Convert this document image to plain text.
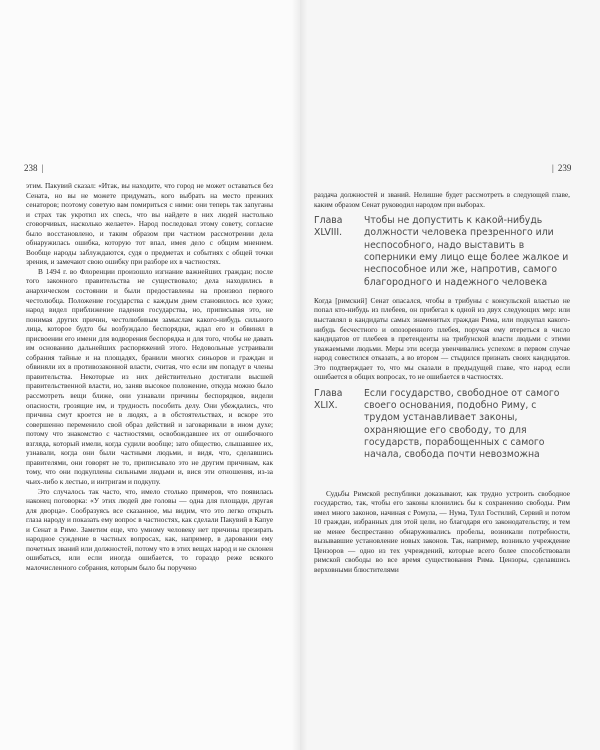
238 |	| 239

этим. Пакувий сказал: «Итак, вы находите, что город не может оставаться без Сената, но вы не можете придумать, кого выбрать на место прежних сенаторов; поэтому советую вам помириться с ними: они теперь так запуганы и страх так укротил их спесь, что вы найдете в них людей настолько сговорчивых, насколько желаете». Народ последовал этому совету, согласие было восстановлено, и таким образом при частном рассмотрении дела обнаружилась ошибка, которую тот впал, имея дело с общим мнением. Вообще народы заблуждаются, судя о предметах и событиях с общей точки зрения, и замечают свою ошибку при разборе их в частностях.

В 1494 г. во Флоренции произошло изгнание важнейших граждан; после того законного правительства не существовало; дела находились в анархическом состоянии и были предоставлены на произвол первого честолюбца. Положение государства с каждым днем становилось все хуже; народ видел приближение падения государства, но, приписывая это, не понимая других причин, честолюбивым замыслам какого-нибудь сильного лица, которое будто бы возбуждало беспорядки, ждал его и обвинял в присвоении его имени для водворения беспорядка и для того, чтобы не давать им основанию дальнейших распоряжений этого. Недовольные устраивали собрания тайные и на площадях, бранили многих синьоров и граждан и обвиняли их в противозаконной власти, считая, что если им попадут в члены правительства. Некоторые из них действительно достигали высшей правительственной власти, но, заняв высокое положение, откуда можно было рассмотреть вещи ближе, они узнавали причины беспорядков, видели опасности, грозящие им, и трудность пособить делу. Они убеждались, что причина смут кроется не в людях, а в обстоятельствах, и вскоре это совершенно переменило свой образ действий и заговаривали в ином духе; потому что знакомство с частностями, освобождавшее их от ошибочного взгляда, который имели, когда судили вообще; зато общество, слышавшее их, узнавали, когда они были частными людьми, и видя, что, сделавшись правителями, они говорят не то, приписывало это не другим причинам, как тому, что они подкуплены сильными людьми и, вися эти отношения, из-за чьих-либо к лестью, и интригам и подкупу.

Это случалось так часто, что, имело столько примеров, что появилась наконец поговорка: «У этих людей две головы — одна для площади, другая для дворца». Сообразуясь все сказанное, мы видим, что это легко открыть глаза народу и показать ему вопрос в частностях, как сделали Пакувий в Капуе и Сенат в Риме. Заметим еще, что умному человеку нет причины презирать народное суждение в частных вопросах, как, например, в даровании ему почетных званий или должностей, потому что в этих вещах народ и не склонен ошибаться, или если иногда ошибается, то гораздо реже всякого малочисленного собрания, которым было бы поручено

раздача должностей и званий. Нелишне будет рассмотреть в следующей главе, каким образом Сенат руководил народом при выборах.

Глава XLVIII.
Чтобы не допустить к какой-нибудь должности человека презренного или неспособного, надо выставить в соперники ему лицо еще более жалкое и неспособное или же, напротив, самого благородного и надежного человека

Когда [римский] Сенат опасался, чтобы в трибуны с консульской властью не попал кто-нибудь из плебеев, он прибегал к одной из двух следующих мер: или выставлял в кандидаты самых знаменитых граждан Рима, или подкупал какого-нибудь бесчестного и опозоренного плебея, поручая ему втереться в число кандидатов от плебеев в претенденты на трибунской власти людьми с этими уважаемыми людьми. Меры эти всегда увенчивались успехом: в первом случае народ совестился отказать, а во втором — стыдился признать своих кандидатов. Это подтверждает то, что мы сказали в предыдущей главе, что народ если ошибается в общих вопросах, то не ошибается в частностях.

Глава XLIX.
Если государство, свободное от самого своего основания, подобно Риму, с трудом устанавливает законы, охраняющие его свободу, то для государств, порабощенных с самого начала, свобода почти невозможна

Судьбы Римской республики доказывают, как трудно устроить свободное государство, так, чтобы его законы клонились бы к сохранению свободы. Рим имел много законов, начиная с Ромула, — Нума, Тулл Гостилий, Сервий и потом 10 граждан, избранных для этой цели, но благодаря его законодательству, и тем не менее беспрестанно обнаруживались пробелы, возникали потребности, вызывавшие установление новых законов. Так, например, возникло учреждение Цензоров — одно из тех учреждений, которые всего более способствовали римской свободы во все время существования Рима. Цензоры, сделавшись верховными блюстителями
